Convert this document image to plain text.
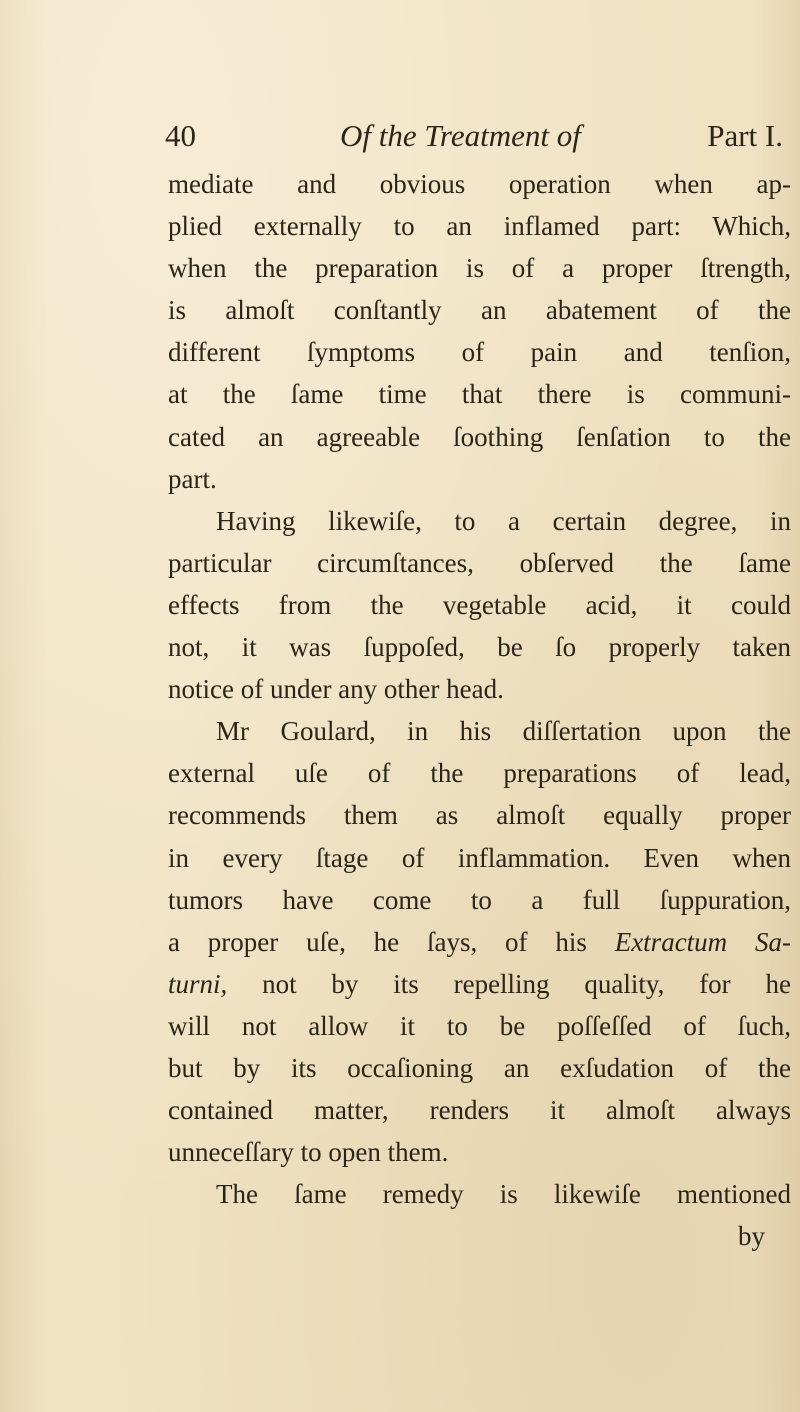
40	Of the Treatment of	Part I.
mediate and obvious operation when ap-
plied externally to an inflamed part: Which,
when the preparation is of a proper ſtrength,
is almoſt conſtantly an abatement of the
different ſymptoms of pain and tenſion,
at the ſame time that there is communi-
cated an agreeable ſoothing ſenſation to the
part.
Having likewiſe, to a certain degree, in
particular circumſtances, obſerved the ſame
effects from the vegetable acid, it could
not, it was ſuppoſed, be ſo properly taken
notice of under any other head.
Mr Goulard, in his diſſertation upon the
external uſe of the preparations of lead,
recommends them as almoſt equally proper
in every ſtage of inflammation. Even when
tumors have come to a full ſuppuration,
a proper uſe, he ſays, of his Extractum Sa-
turni, not by its repelling quality, for he
will not allow it to be poſſeſſed of ſuch,
but by its occaſioning an exſudation of the
contained matter, renders it almoſt always
unneceſſary to open them.
The ſame remedy is likewiſe mentioned
by
